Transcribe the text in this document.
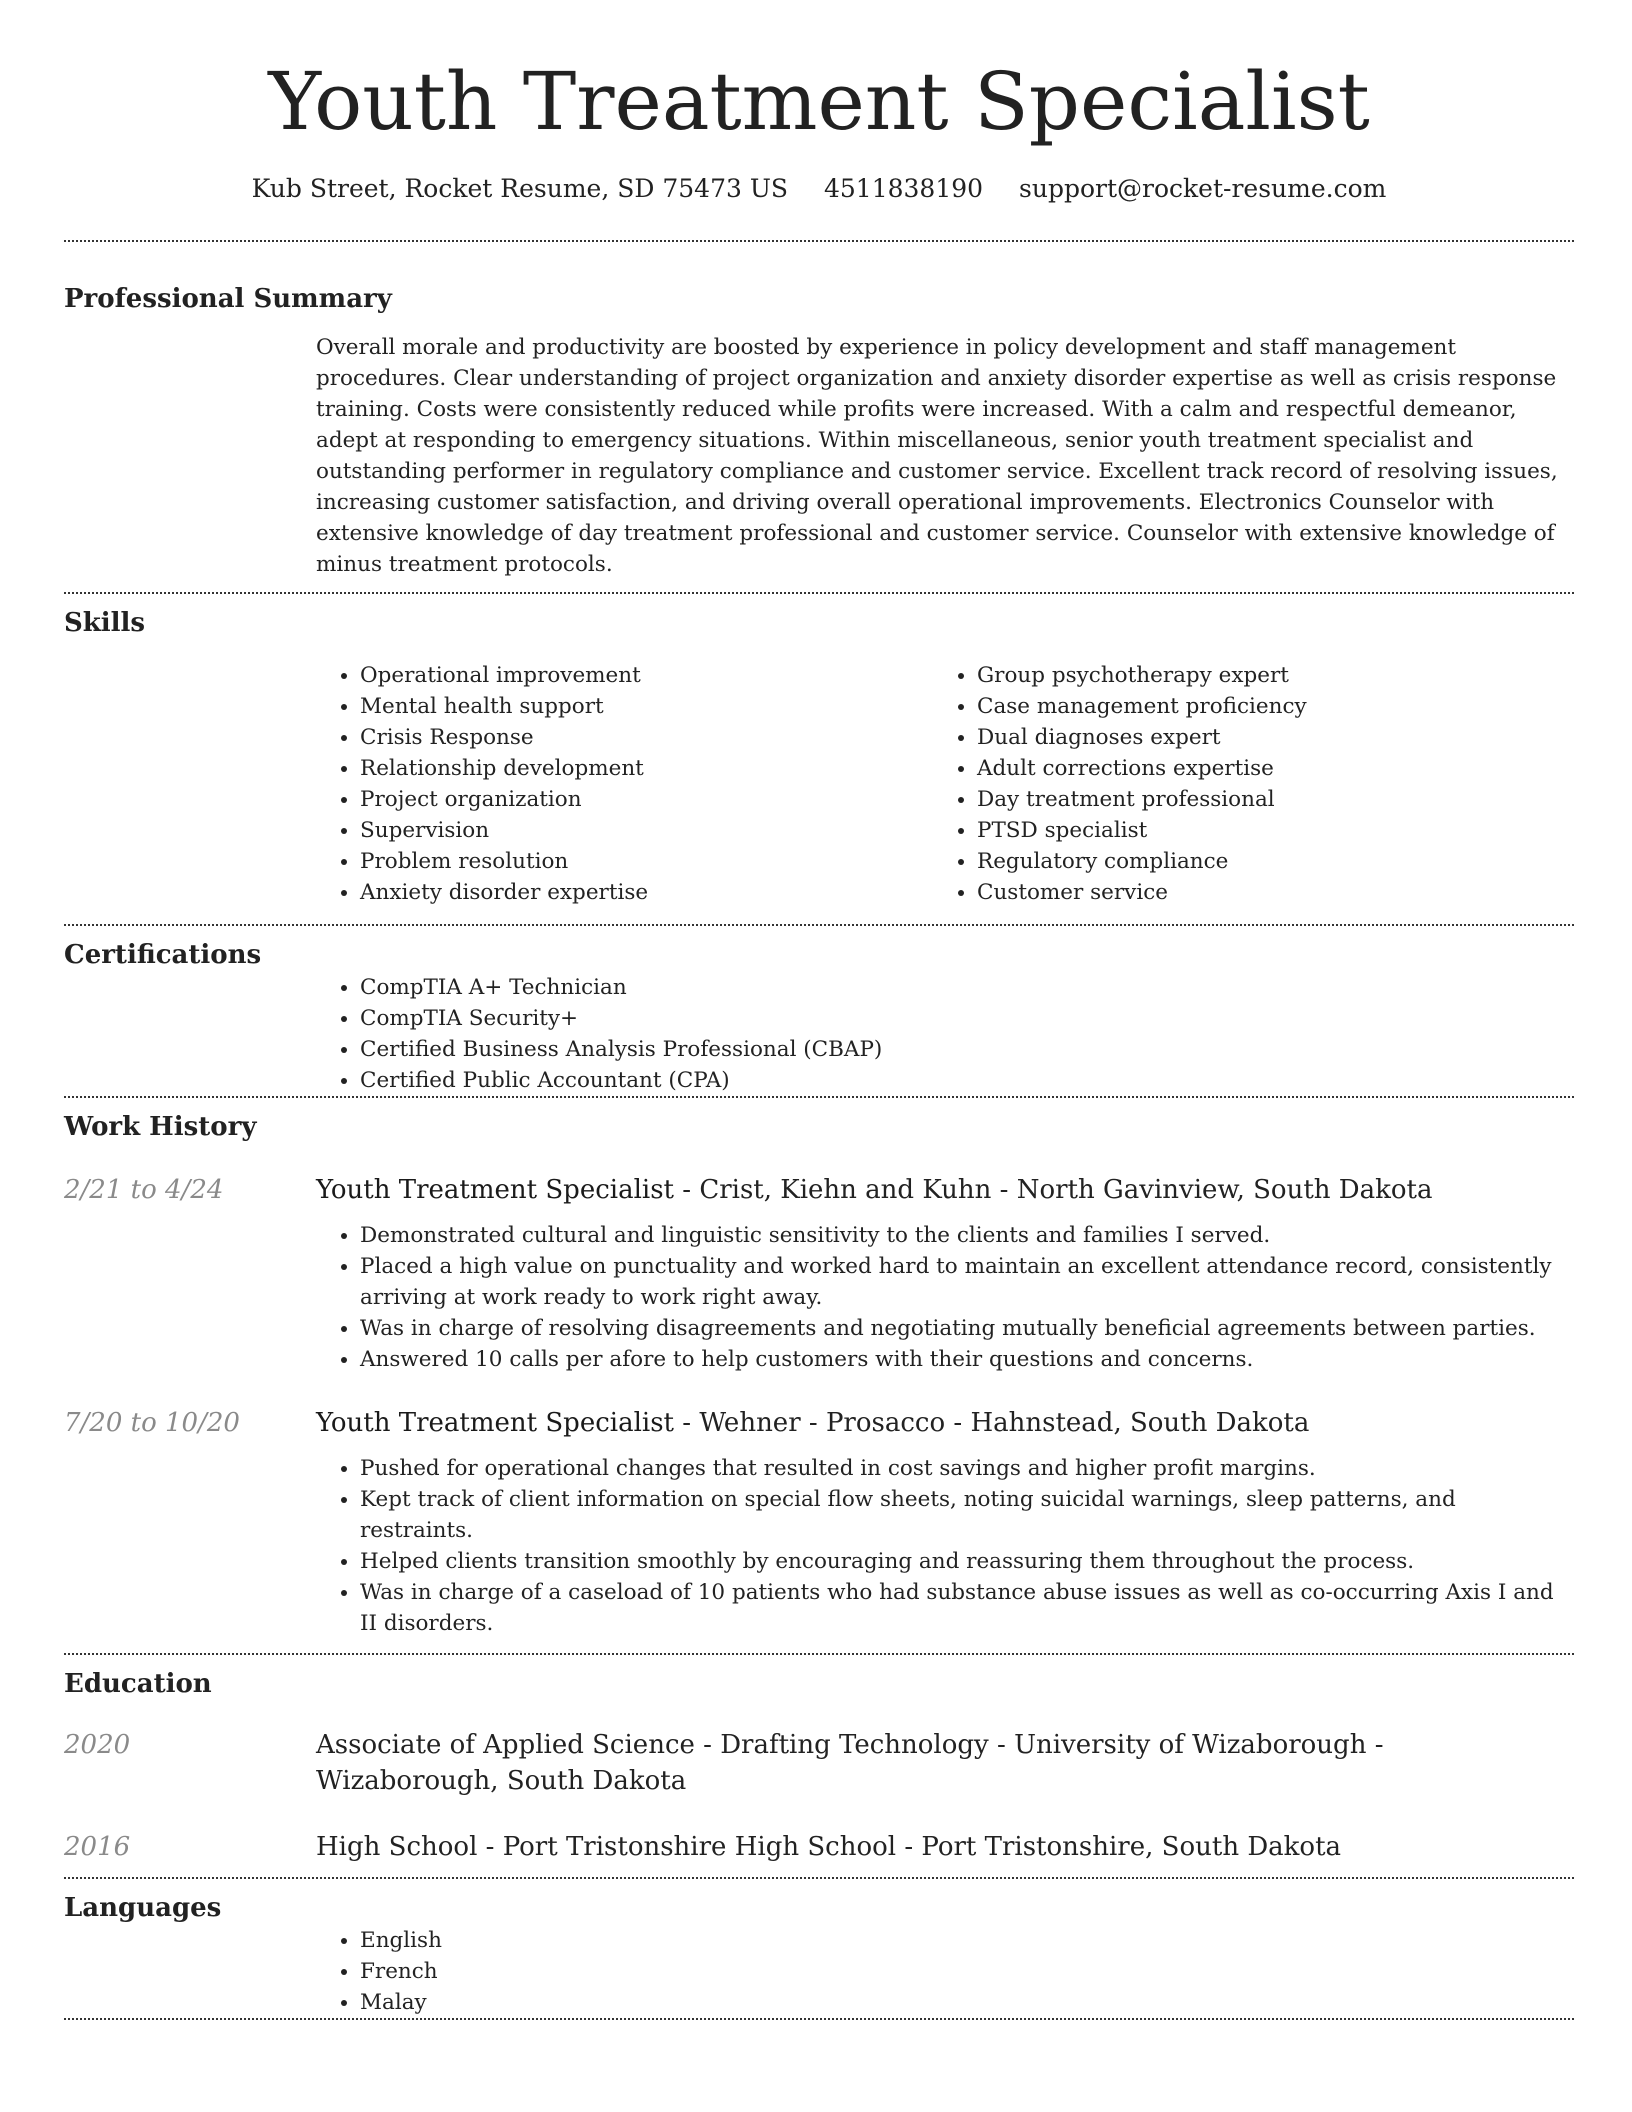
Youth Treatment Specialist
Kub Street, Rocket Resume, SD 75473 US 4511838190 support@rocket-resume.com
Professional Summary

Overall morale and productivity are boosted by experience in policy development and staff management procedures. Clear understanding of project organization and anxiety disorder expertise as well as crisis response training. Costs were consistently reduced while profits were increased. With a calm and respectful demeanor, adept at responding to emergency situations. Within miscellaneous, senior youth treatment specialist and outstanding performer in regulatory compliance and customer service. Excellent track record of resolving issues, increasing customer satisfaction, and driving overall operational improvements. Electronics Counselor with extensive knowledge of day treatment professional and customer service. Counselor with extensive knowledge of minus treatment protocols.

Skills
• Operational improvement
• Mental health support
• Crisis Response
• Relationship development
• Project organization
• Supervision
• Problem resolution
• Anxiety disorder expertise
• Group psychotherapy expert
• Case management proficiency
• Dual diagnoses expert
• Adult corrections expertise
• Day treatment professional
• PTSD specialist
• Regulatory compliance
• Customer service
Certifications
• CompTIA A+ Technician
• CompTIA Security+
• Certified Business Analysis Professional (CBAP)
• Certified Public Accountant (CPA)
Work History
2/21 to 4/24	Youth Treatment Specialist - Crist, Kiehn and Kuhn - North Gavinview, South Dakota
• Demonstrated cultural and linguistic sensitivity to the clients and families I served.
• Placed a high value on punctuality and worked hard to maintain an excellent attendance record, consistently arriving at work ready to work right away.
• Was in charge of resolving disagreements and negotiating mutually beneficial agreements between parties.
• Answered 10 calls per afore to help customers with their questions and concerns.
7/20 to 10/20	Youth Treatment Specialist - Wehner - Prosacco - Hahnstead, South Dakota
• Pushed for operational changes that resulted in cost savings and higher profit margins.
• Kept track of client information on special flow sheets, noting suicidal warnings, sleep patterns, and restraints.
• Helped clients transition smoothly by encouraging and reassuring them throughout the process.
• Was in charge of a caseload of 10 patients who had substance abuse issues as well as co-occurring Axis I and II disorders.
Education
2020	Associate of Applied Science - Drafting Technology - University of Wizaborough - Wizaborough, South Dakota
2016	High School - Port Tristonshire High School - Port Tristonshire, South Dakota
Languages
• English
• French
• Malay
